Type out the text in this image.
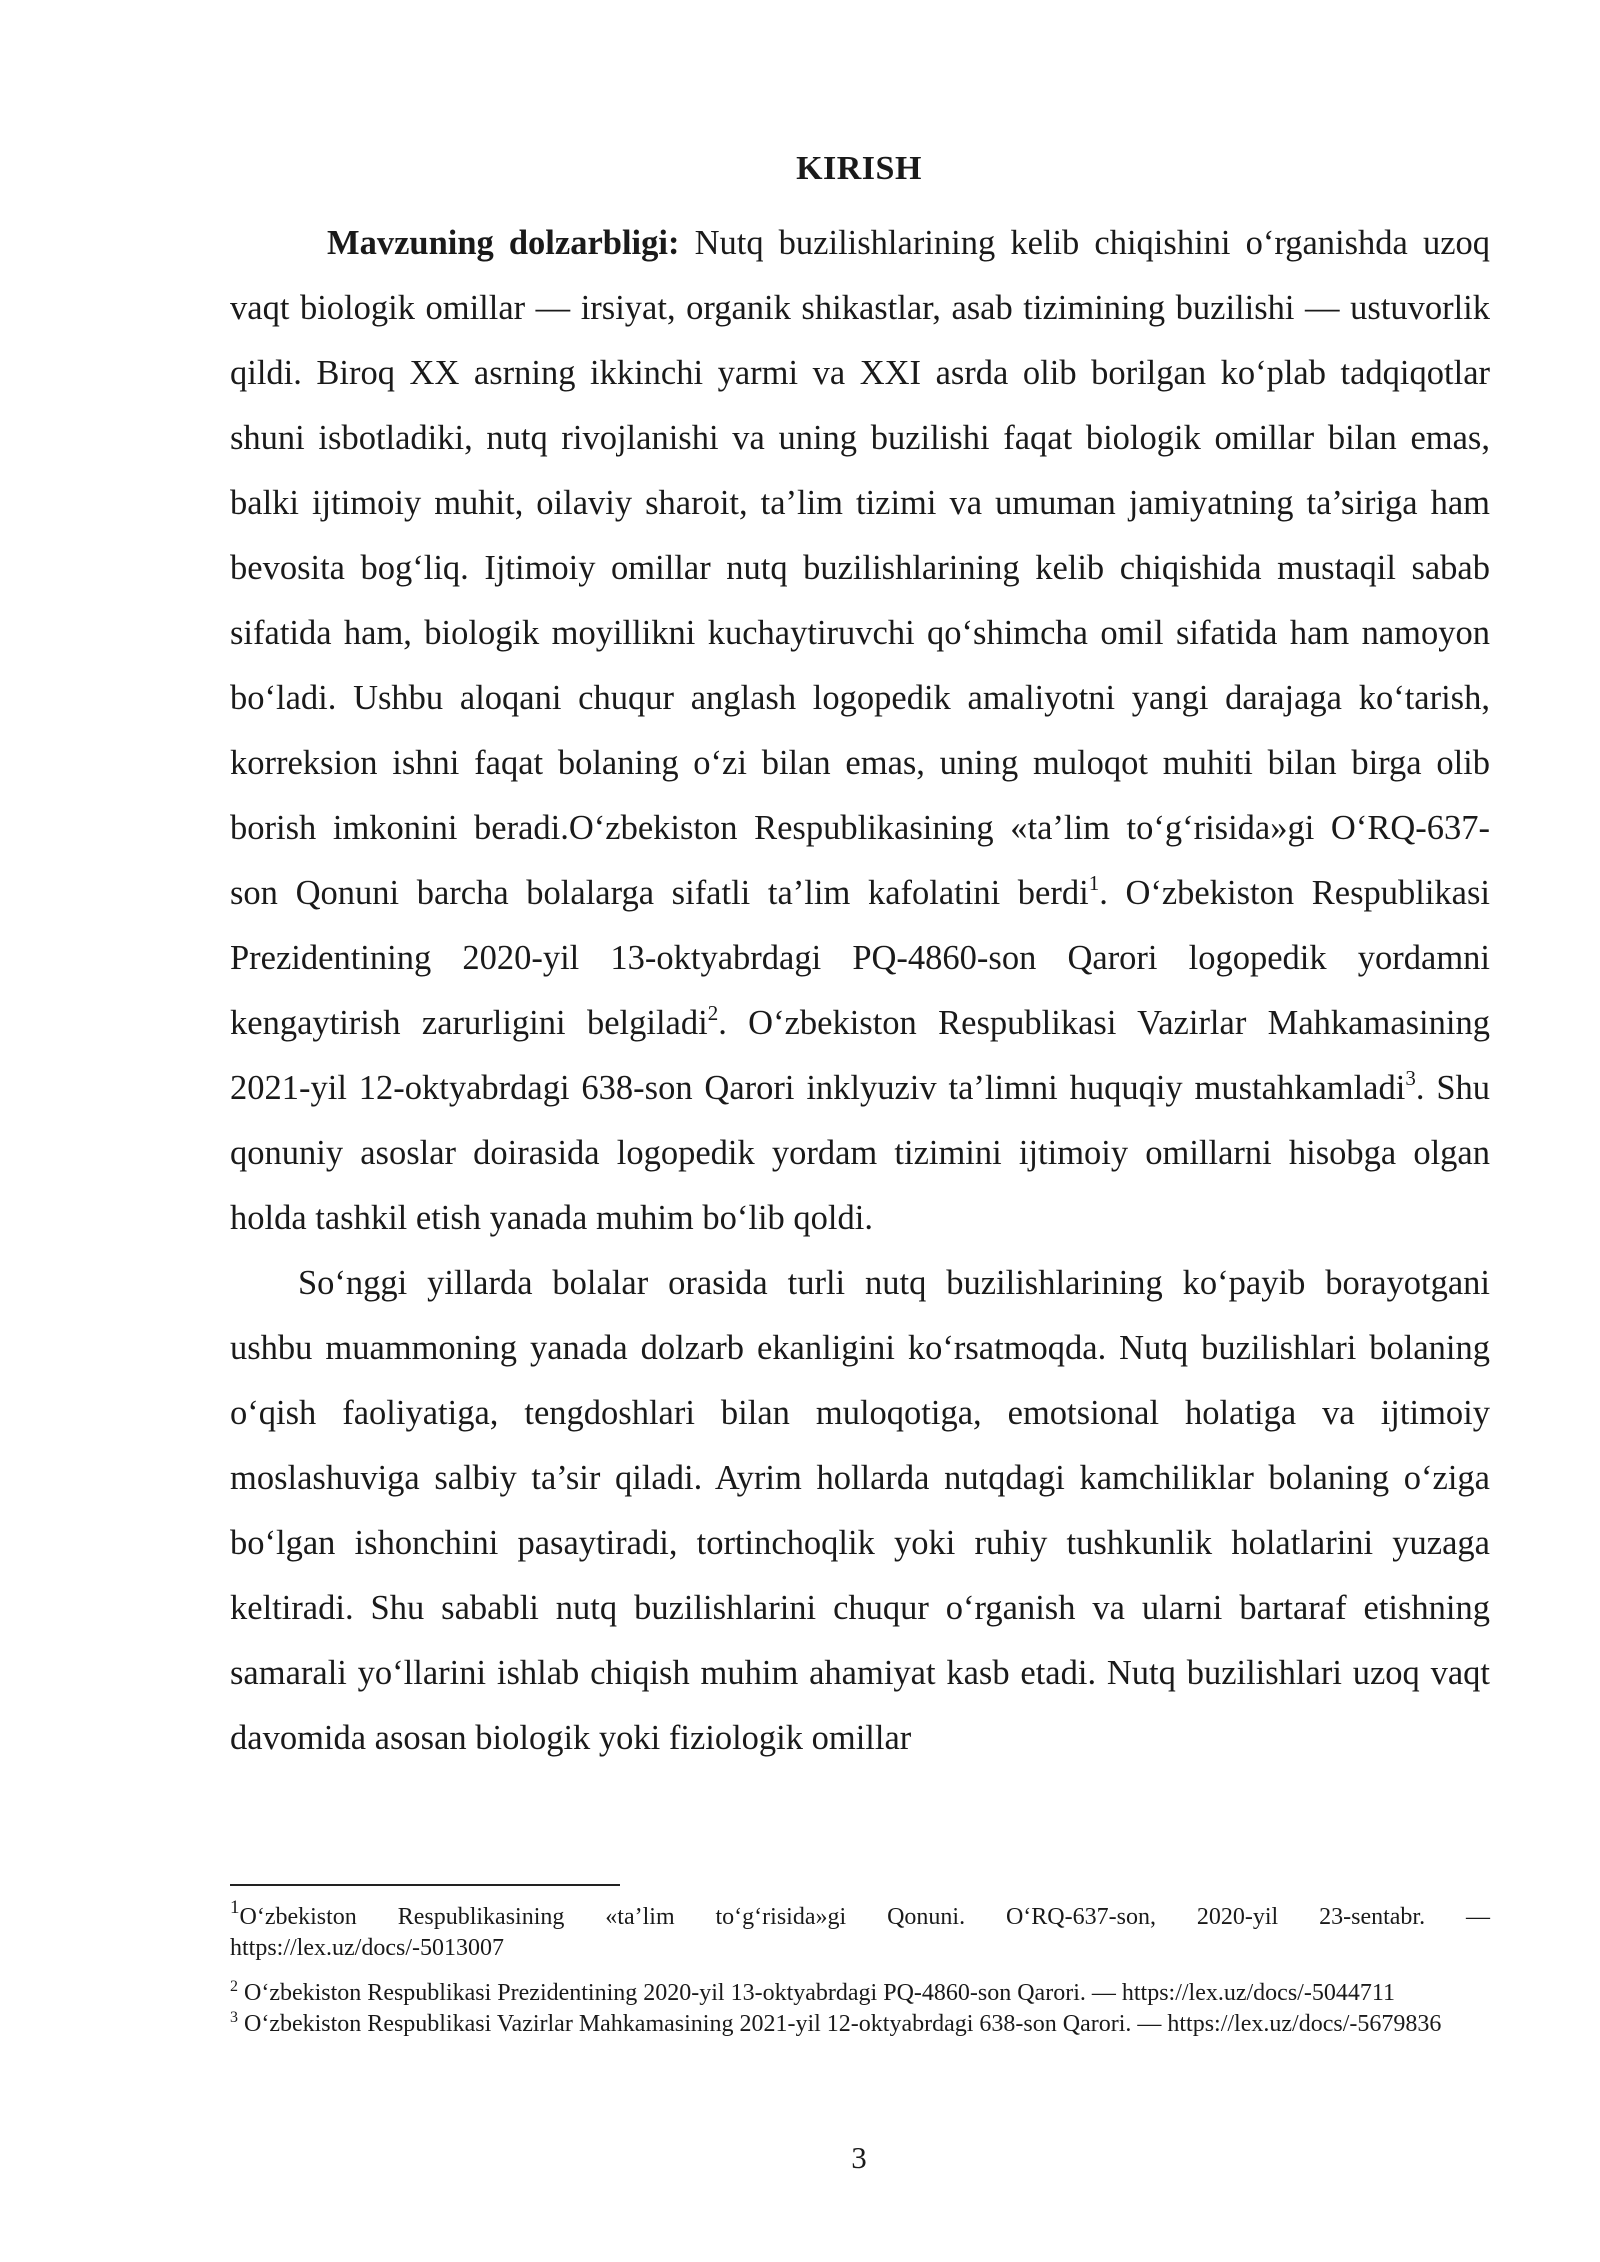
KIRISH

Mavzuning dolzarbligi: Nutq buzilishlarining kelib chiqishini o‘rganishda uzoq vaqt biologik omillar — irsiyat, organik shikastlar, asab tizimining buzilishi — ustuvorlik qildi. Biroq XX asrning ikkinchi yarmi va XXI asrda olib borilgan ko‘plab tadqiqotlar shuni isbotladiki, nutq rivojlanishi va uning buzilishi faqat biologik omillar bilan emas, balki ijtimoiy muhit, oilaviy sharoit, ta’lim tizimi va umuman jamiyatning ta’siriga ham bevosita bog‘liq. Ijtimoiy omillar nutq buzilishlarining kelib chiqishida mustaqil sabab sifatida ham, biologik moyillikni kuchaytiruvchi qo‘shimcha omil sifatida ham namoyon bo‘ladi. Ushbu aloqani chuqur anglash logopedik amaliyotni yangi darajaga ko‘tarish, korreksion ishni faqat bolaning o‘zi bilan emas, uning muloqot muhiti bilan birga olib borish imkonini beradi.O‘zbekiston Respublikasining «ta’lim to‘g‘risida»gi O‘RQ-637-son Qonuni barcha bolalarga sifatli ta’lim kafolatini berdi$^1$. O‘zbekiston Respublikasi Prezidentining 2020-yil 13-oktyabrdagi PQ-4860-son Qarori logopedik yordamni kengaytirish zarurligini belgiladi$^2$. O‘zbekiston Respublikasi Vazirlar Mahkamasining 2021-yil 12-oktyabrdagi 638-son Qarori inklyuziv ta’limni huquqiy mustahkamladi$^3$. Shu qonuniy asoslar doirasida logopedik yordam tizimini ijtimoiy omillarni hisobga olgan holda tashkil etish yanada muhim bo‘lib qoldi.

So‘nggi yillarda bolalar orasida turli nutq buzilishlarining ko‘payib borayotgani ushbu muammoning yanada dolzarb ekanligini ko‘rsatmoqda. Nutq buzilishlari bolaning o‘qish faoliyatiga, tengdoshlari bilan muloqotiga, emotsional holatiga va ijtimoiy moslashuviga salbiy ta’sir qiladi. Ayrim hollarda nutqdagi kamchiliklar bolaning o‘ziga bo‘lgan ishonchini pasaytiradi, tortinchoqlik yoki ruhiy tushkunlik holatlarini yuzaga keltiradi. Shu sababli nutq buzilishlarini chuqur o‘rganish va ularni bartaraf etishning samarali yo‘llarini ishlab chiqish muhim ahamiyat kasb etadi. Nutq buzilishlari uzoq vaqt davomida asosan biologik yoki fiziologik omillar

$^1$O‘zbekiston Respublikasining «ta’lim to‘g‘risida»gi Qonuni. O‘RQ-637-son, 2020-yil 23-sentabr. — https://lex.uz/docs/-5013007

$^2$ O‘zbekiston Respublikasi Prezidentining 2020-yil 13-oktyabrdagi PQ-4860-son Qarori. — https://lex.uz/docs/-5044711

$^3$ O‘zbekiston Respublikasi Vazirlar Mahkamasining 2021-yil 12-oktyabrdagi 638-son Qarori. — https://lex.uz/docs/-5679836

3
